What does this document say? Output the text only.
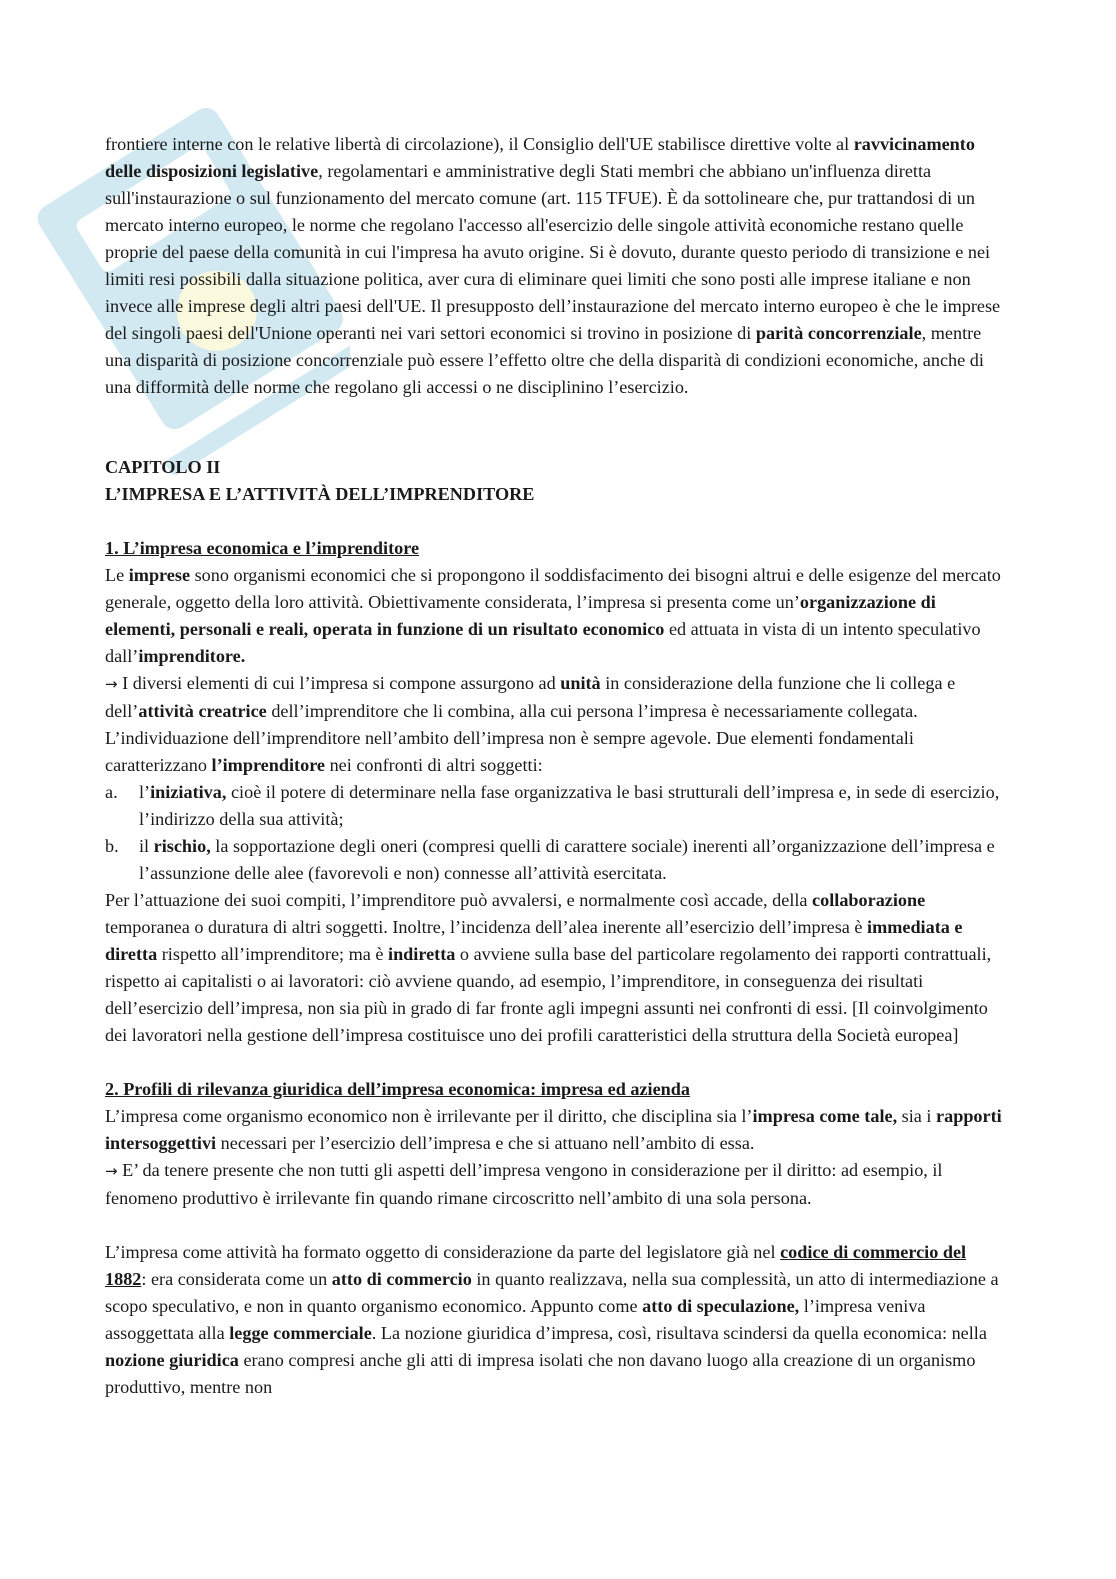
frontiere interne con le relative libertà di circolazione), il Consiglio dell'UE stabilisce direttive volte al ravvicinamento delle disposizioni legislative, regolamentari e amministrative degli Stati membri che abbiano un'influenza diretta sull'instaurazione o sul funzionamento del mercato comune (art. 115 TFUE). È da sottolineare che, pur trattandosi di un mercato interno europeo, le norme che regolano l'accesso all'esercizio delle singole attività economiche restano quelle proprie del paese della comunità in cui l'impresa ha avuto origine. Si è dovuto, durante questo periodo di transizione e nei limiti resi possibili dalla situazione politica, aver cura di eliminare quei limiti che sono posti alle imprese italiane e non invece alle imprese degli altri paesi dell'UE. Il presupposto dell’instaurazione del mercato interno europeo è che le imprese del singoli paesi dell'Unione operanti nei vari settori economici si trovino in posizione di parità concorrenziale, mentre una disparità di posizione concorrenziale può essere l’effetto oltre che della disparità di condizioni economiche, anche di una difformità delle norme che regolano gli accessi o ne disciplinino l’esercizio.

CAPITOLO II

L’IMPRESA E L’ATTIVITÀ DELL’IMPRENDITORE

1. L’impresa economica e l’imprenditore

Le imprese sono organismi economici che si propongono il soddisfacimento dei bisogni altrui e delle esigenze del mercato generale, oggetto della loro attività. Obiettivamente considerata, l’impresa si presenta come un’organizzazione di elementi, personali e reali, operata in funzione di un risultato economico ed attuata in vista di un intento speculativo dall’imprenditore.

→ I diversi elementi di cui l’impresa si compone assurgono ad unità in considerazione della funzione che li collega e dell’attività creatrice dell’imprenditore che li combina, alla cui persona l’impresa è necessariamente collegata. L’individuazione dell’imprenditore nell’ambito dell’impresa non è sempre agevole. Due elementi fondamentali caratterizzano l’imprenditore nei confronti di altri soggetti:

a. l’iniziativa, cioè il potere di determinare nella fase organizzativa le basi strutturali dell’impresa e, in sede di esercizio, l’indirizzo della sua attività;
b. il rischio, la sopportazione degli oneri (compresi quelli di carattere sociale) inerenti all’organizzazione dell’impresa e l’assunzione delle alee (favorevoli e non) connesse all’attività esercitata.

Per l’attuazione dei suoi compiti, l’imprenditore può avvalersi, e normalmente così accade, della collaborazione temporanea o duratura di altri soggetti. Inoltre, l’incidenza dell’alea inerente all’esercizio dell’impresa è immediata e diretta rispetto all’imprenditore; ma è indiretta o avviene sulla base del particolare regolamento dei rapporti contrattuali, rispetto ai capitalisti o ai lavoratori: ciò avviene quando, ad esempio, l’imprenditore, in conseguenza dei risultati dell’esercizio dell’impresa, non sia più in grado di far fronte agli impegni assunti nei confronti di essi. [Il coinvolgimento dei lavoratori nella gestione dell’impresa costituisce uno dei profili caratteristici della struttura della Società europea]

2. Profili di rilevanza giuridica dell’impresa economica: impresa ed azienda

L’impresa come organismo economico non è irrilevante per il diritto, che disciplina sia l’impresa come tale, sia i rapporti intersoggettivi necessari per l’esercizio dell’impresa e che si attuano nell’ambito di essa.

→ E’ da tenere presente che non tutti gli aspetti dell’impresa vengono in considerazione per il diritto: ad esempio, il fenomeno produttivo è irrilevante fin quando rimane circoscritto nell’ambito di una sola persona.

L’impresa come attività ha formato oggetto di considerazione da parte del legislatore già nel codice di commercio del 1882: era considerata come un atto di commercio in quanto realizzava, nella sua complessità, un atto di intermediazione a scopo speculativo, e non in quanto organismo economico. Appunto come atto di speculazione, l’impresa veniva assoggettata alla legge commerciale. La nozione giuridica d’impresa, così, risultava scindersi da quella economica: nella nozione giuridica erano compresi anche gli atti di impresa isolati che non davano luogo alla creazione di un organismo produttivo, mentre non
